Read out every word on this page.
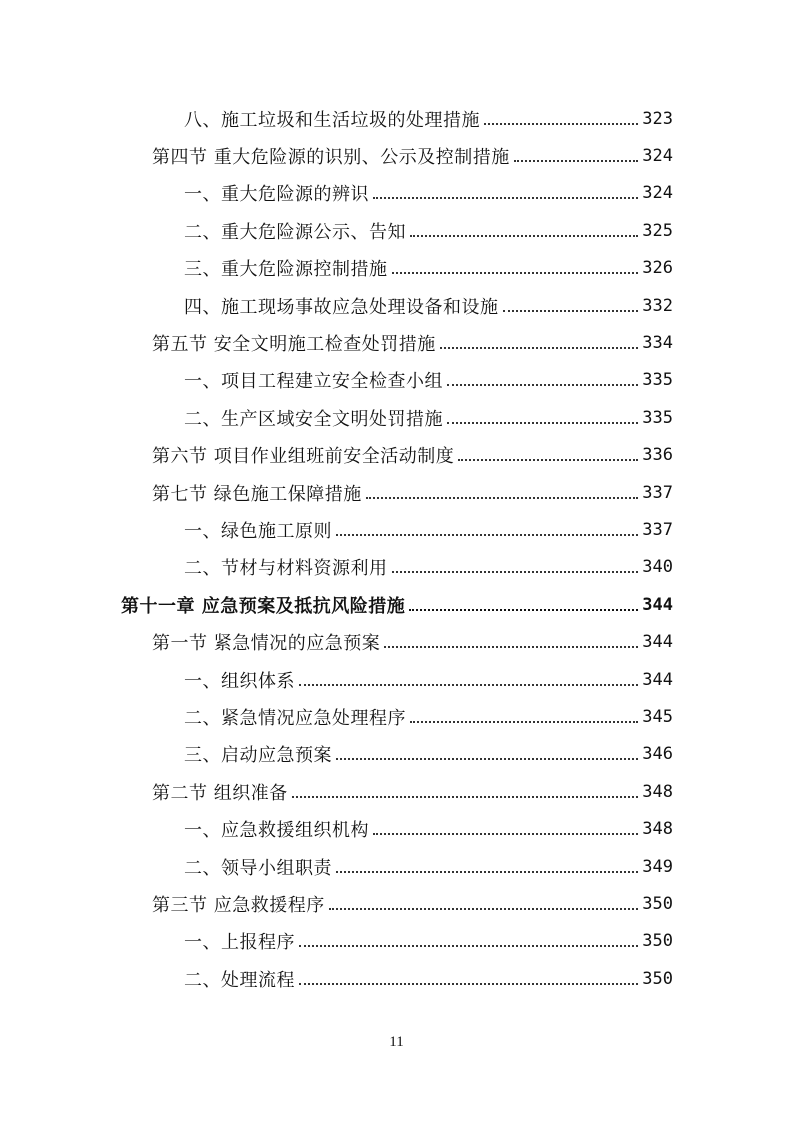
八、施工垃圾和生活垃圾的处理措施	323
第四节 重大危险源的识别、公示及控制措施	324
一、重大危险源的辨识	324
二、重大危险源公示、告知	325
三、重大危险源控制措施	326
四、施工现场事故应急处理设备和设施	332
第五节 安全文明施工检查处罚措施	334
一、项目工程建立安全检查小组	335
二、生产区域安全文明处罚措施	335
第六节 项目作业组班前安全活动制度	336
第七节 绿色施工保障措施	337
一、绿色施工原则	337
二、节材与材料资源利用	340
第十一章 应急预案及抵抗风险措施	344
第一节 紧急情况的应急预案	344
一、组织体系	344
二、紧急情况应急处理程序	345
三、启动应急预案	346
第二节 组织准备	348
一、应急救援组织机构	348
二、领导小组职责	349
第三节 应急救援程序	350
一、上报程序	350
二、处理流程	350
11
